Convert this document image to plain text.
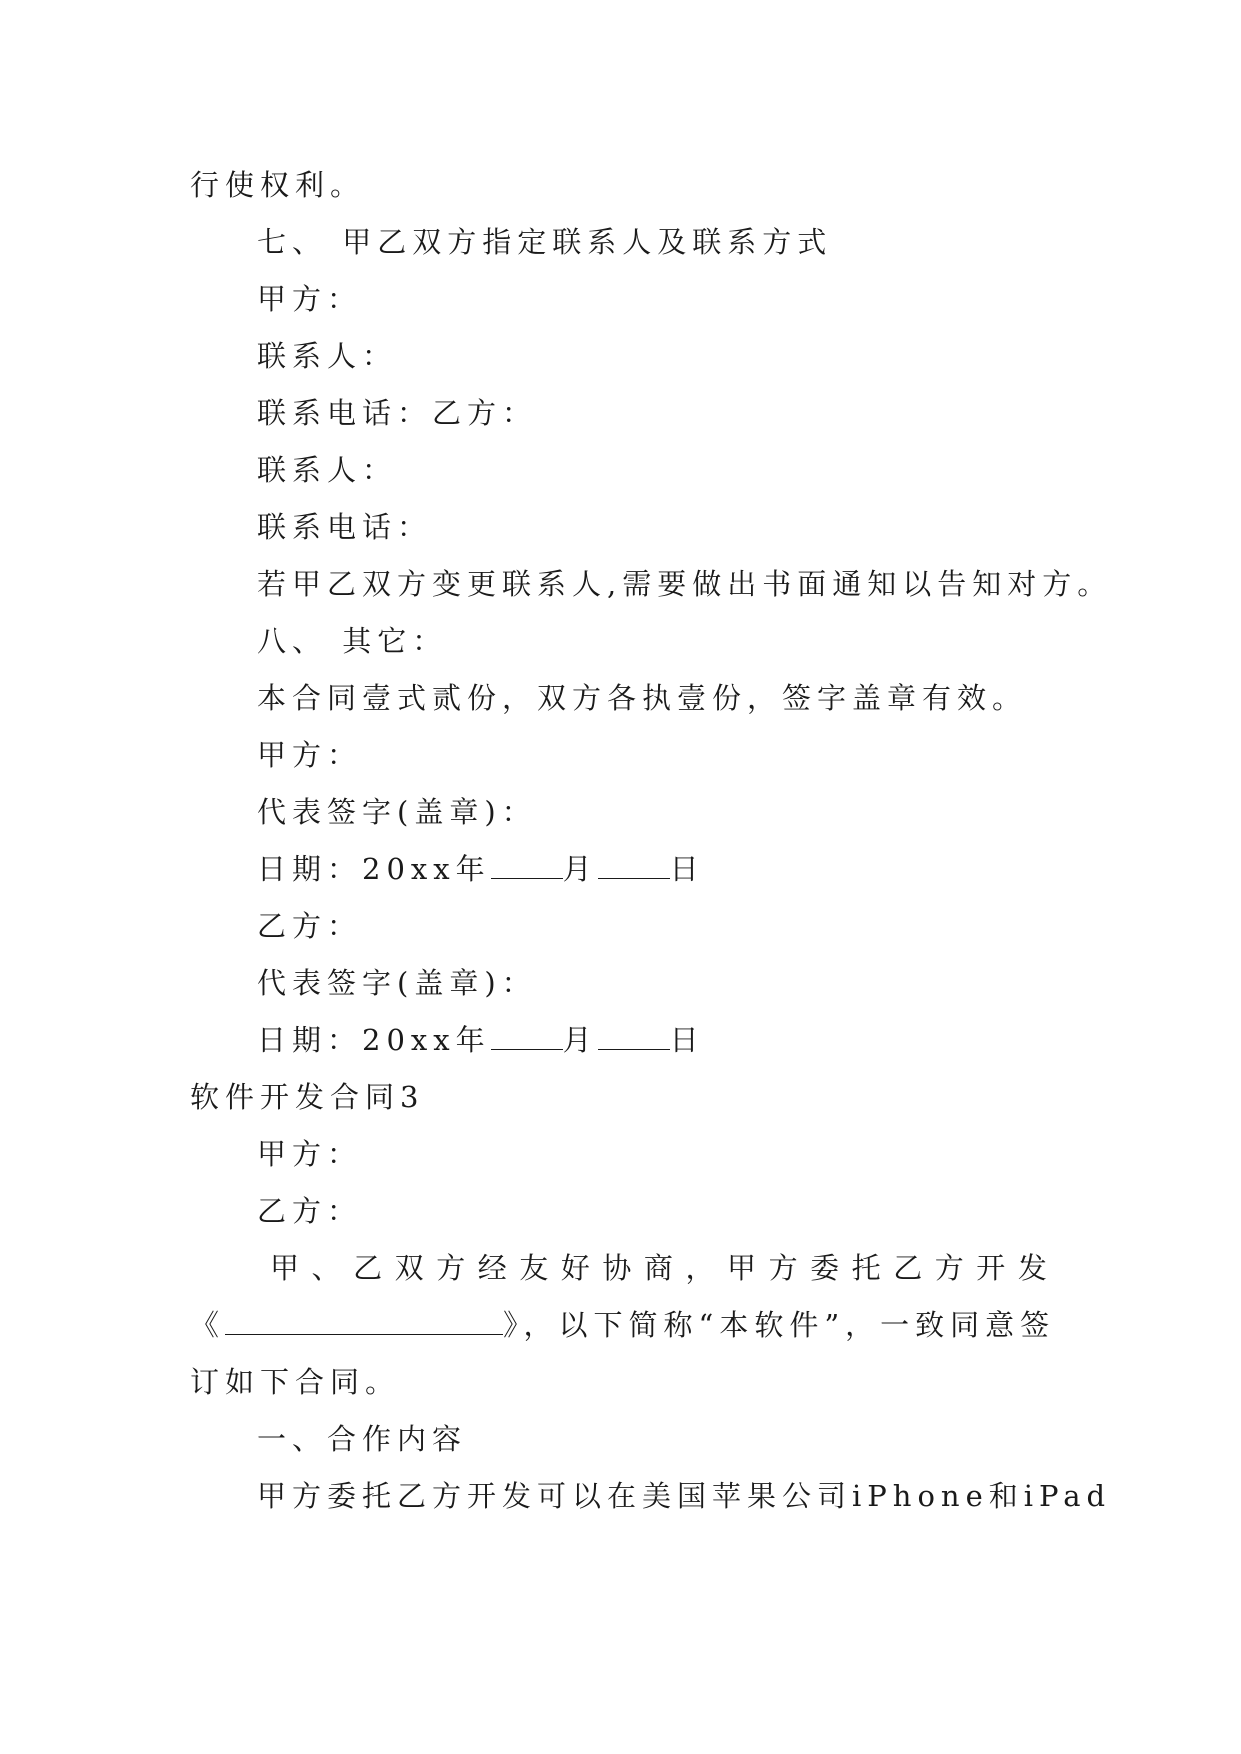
行使权利。
七、 甲乙双方指定联系人及联系方式
甲方：
联系人：
联系电话：乙方：
联系人：
联系电话：
若甲乙双方变更联系人,需要做出书面通知以告知对方。
八、 其它：
本合同壹式贰份，双方各执壹份，签字盖章有效。
甲方：
代表签字(盖章)：
日期：20xx年 月 日
乙方：
代表签字(盖章)：
日期：20xx年 月 日
软件开发合同3
甲方：
乙方：
甲 、 乙 双 方 经 友 好 协 商 ， 甲 方 委 托 乙 方 开 发
《	》，以下简称“本软件”，一致同意签
订如下合同。
一、合作内容
甲方委托乙方开发可以在美国苹果公司iPhone和iPad
